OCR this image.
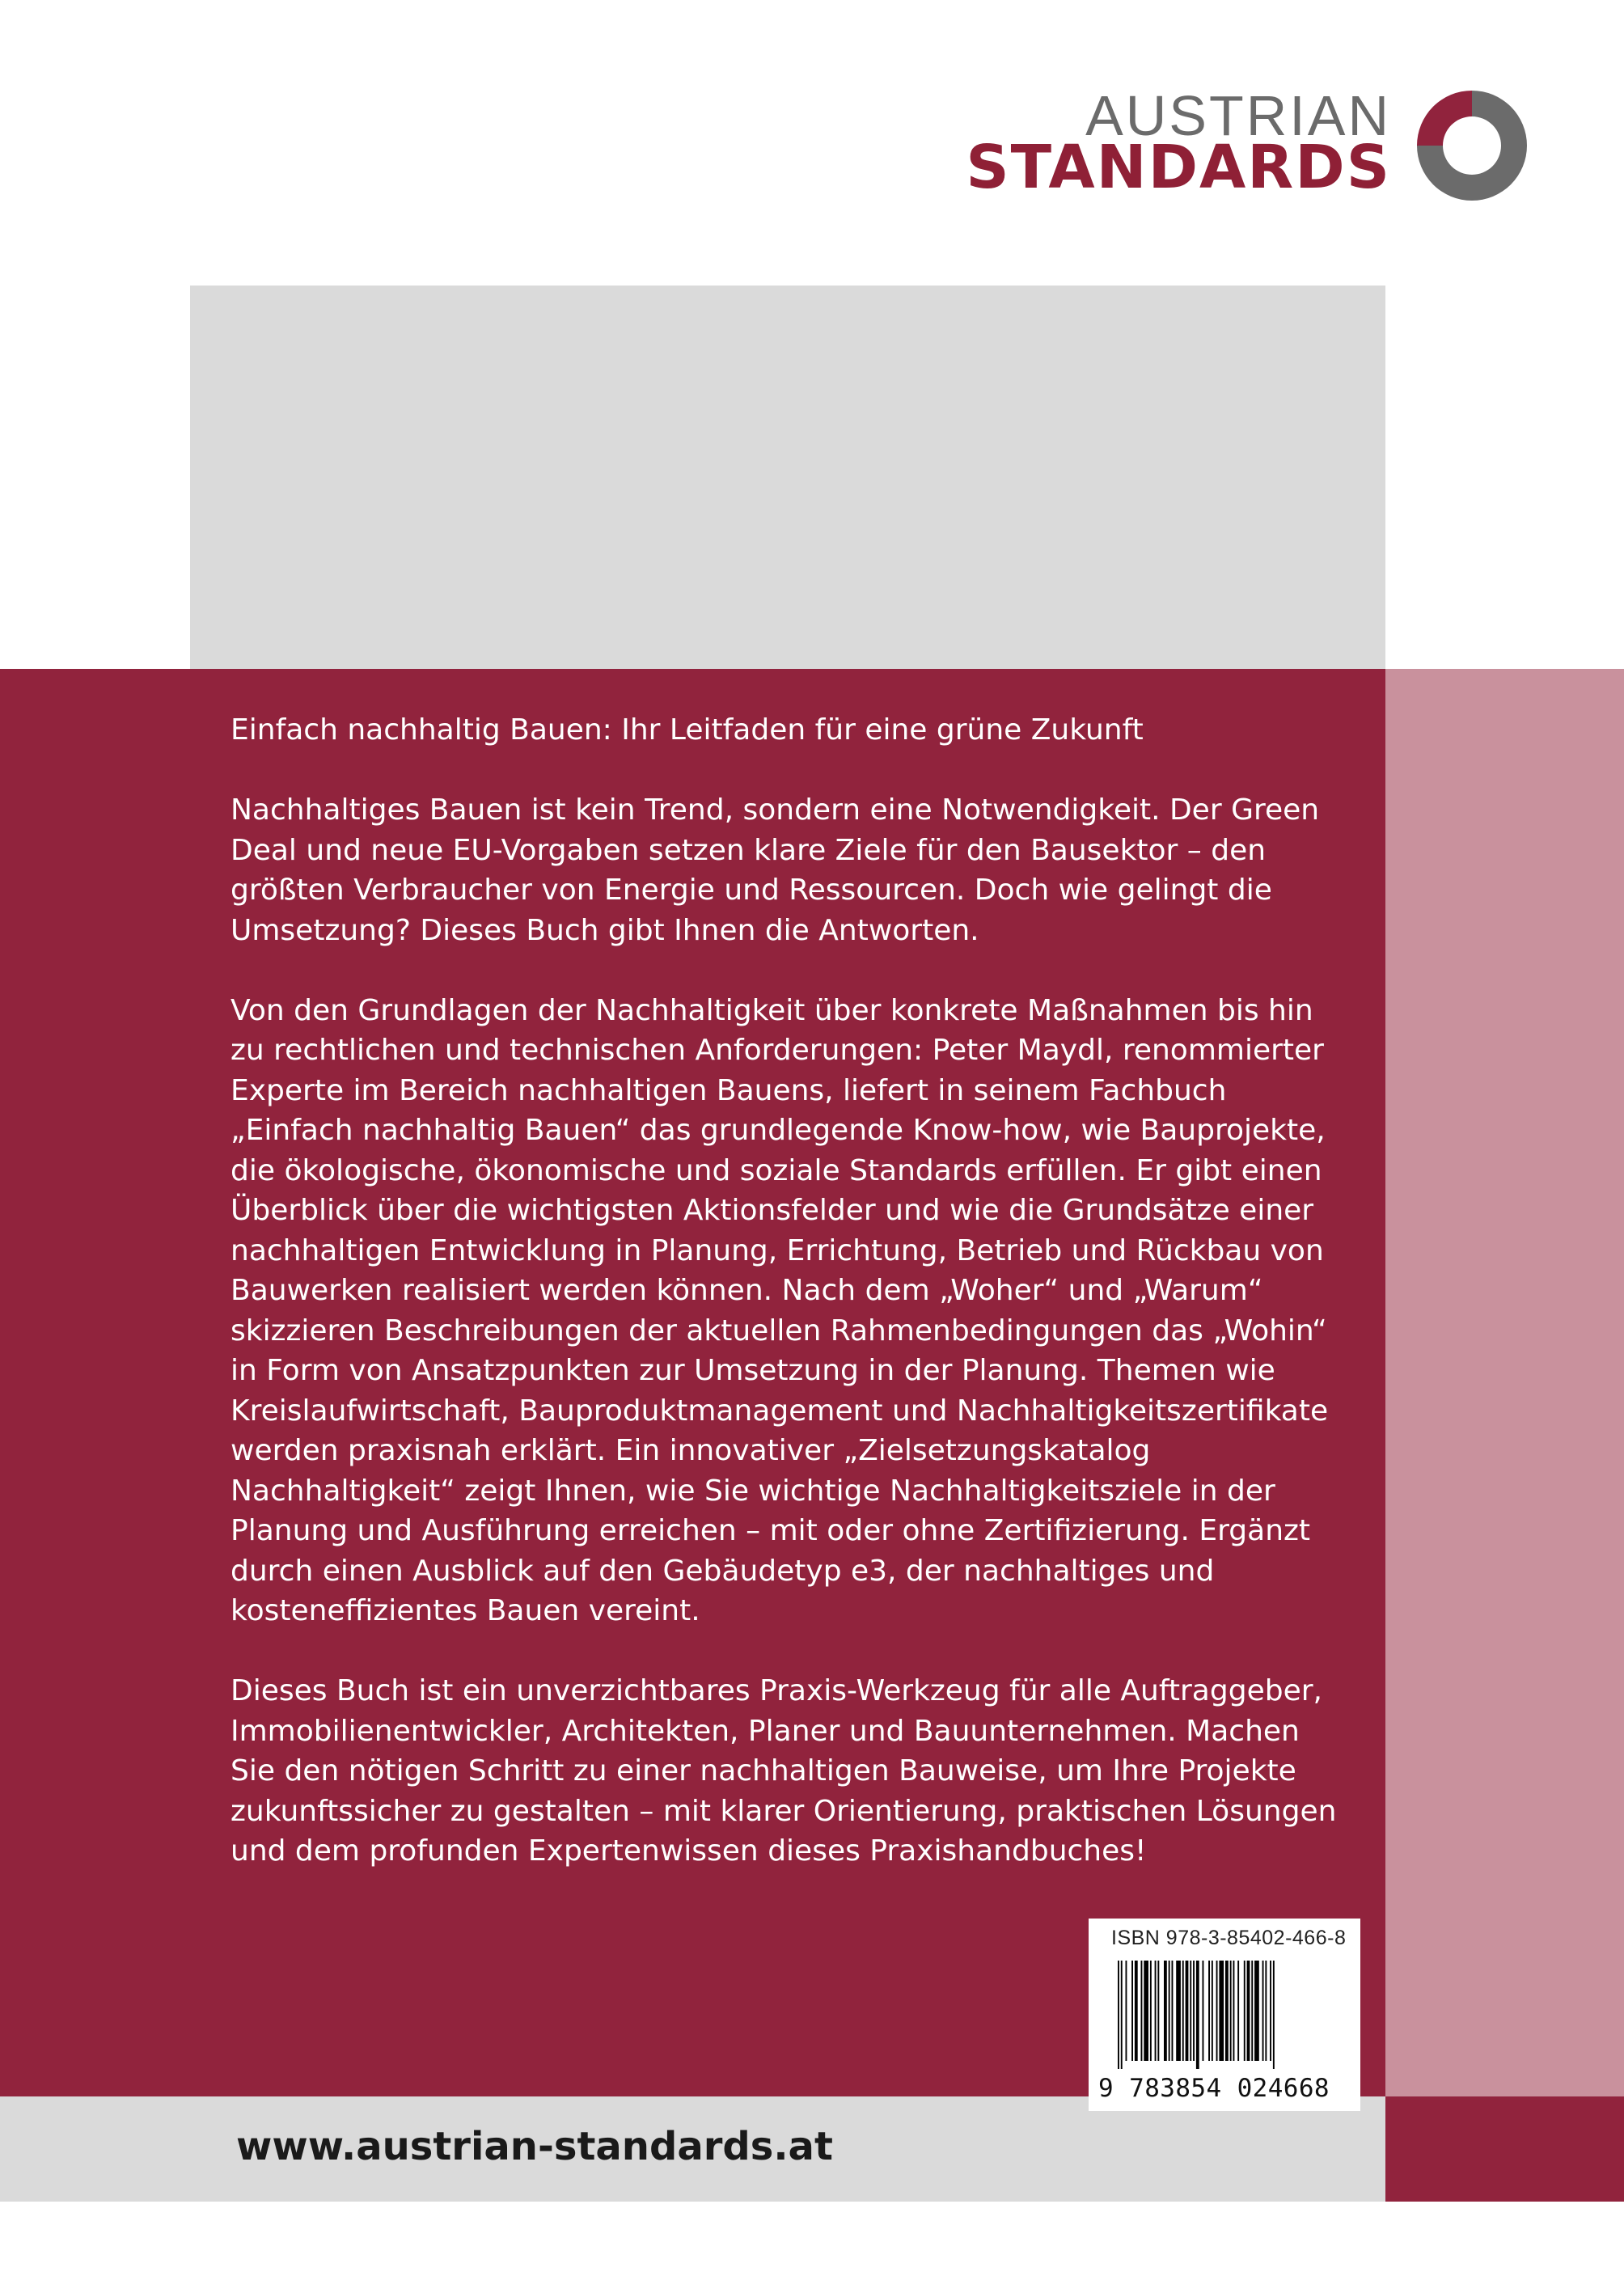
AUSTRIAN
STANDARDS

Einfach nachhaltig Bauen: Ihr Leitfaden für eine grüne Zukunft

Nachhaltiges Bauen ist kein Trend, sondern eine Notwendigkeit. Der Green Deal und neue EU-Vorgaben setzen klare Ziele für den Bausektor – den größten Verbraucher von Energie und Ressourcen. Doch wie gelingt die Umsetzung? Dieses Buch gibt Ihnen die Antworten.

Von den Grundlagen der Nachhaltigkeit über konkrete Maßnahmen bis hin zu rechtlichen und technischen Anforderungen: Peter Maydl, renommierter Experte im Bereich nachhaltigen Bauens, liefert in seinem Fachbuch „Einfach nachhaltig Bauen“ das grundlegende Know-how, wie Bauprojekte, die ökologische, ökonomische und soziale Standards erfüllen. Er gibt einen Überblick über die wichtigsten Aktionsfelder und wie die Grundsätze einer nachhaltigen Entwicklung in Planung, Errichtung, Betrieb und Rückbau von Bauwerken realisiert werden können. Nach dem „Woher“ und „Warum“ skizzieren Beschreibungen der aktuellen Rahmenbedingungen das „Wohin“ in Form von Ansatzpunkten zur Umsetzung in der Planung. Themen wie Kreislaufwirtschaft, Bauproduktmanagement und Nachhaltigkeitszertifikate werden praxisnah erklärt. Ein innovativer „Zielsetzungskatalog Nachhaltigkeit“ zeigt Ihnen, wie Sie wichtige Nachhaltigkeitsziele in der Planung und Ausführung erreichen – mit oder ohne Zertifizierung. Ergänzt durch einen Ausblick auf den Gebäudetyp e3, der nachhaltiges und kosteneffizientes Bauen vereint.

Dieses Buch ist ein unverzichtbares Praxis-Werkzeug für alle Auftraggeber, Immobilienentwickler, Architekten, Planer und Bauunternehmen. Machen Sie den nötigen Schritt zu einer nachhaltigen Bauweise, um Ihre Projekte zukunftssicher zu gestalten – mit klarer Orientierung, praktischen Lösungen und dem profunden Expertenwissen dieses Praxishandbuches!

ISBN 978-3-85402-466-8
9 783854 024668
www.austrian-standards.at
